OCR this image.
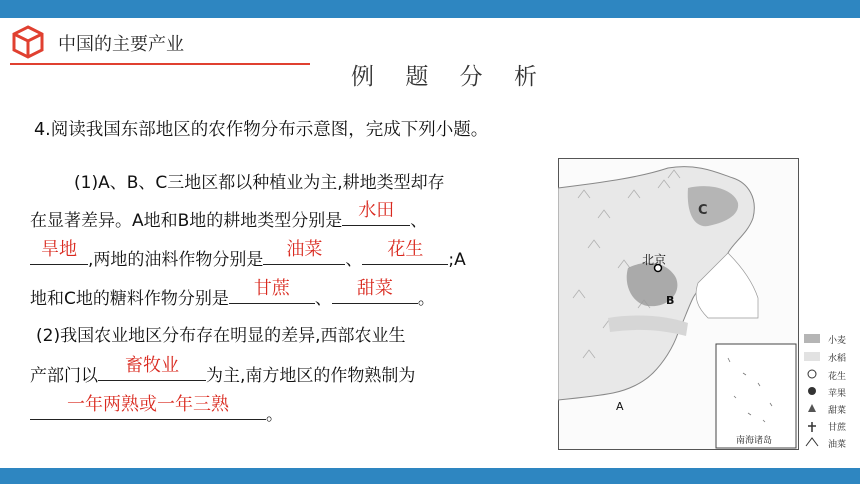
中国的主要产业
例 题 分 析
4.阅读我国东部地区的农作物分布示意图，完成下列小题。
(1)A、B、C三地区都以种植业为主,耕地类型却存
在显著差异。A地和B地的耕地类型分别是 水田 、
旱地 ,两地的油料作物分别是	油菜	、	花生	;A
地和C地的糖料作物分别是	甘蔗	、	甜菜	。
(2)我国农业地区分布存在明显的差异,西部农业生
产部门以	畜牧业	为主,南方地区的作物熟制为
一年两熟或一年三熟	。
北京
C
B
A
南海诸岛
小麦
水稻
花生
苹果
甜菜
甘蔗
油菜
